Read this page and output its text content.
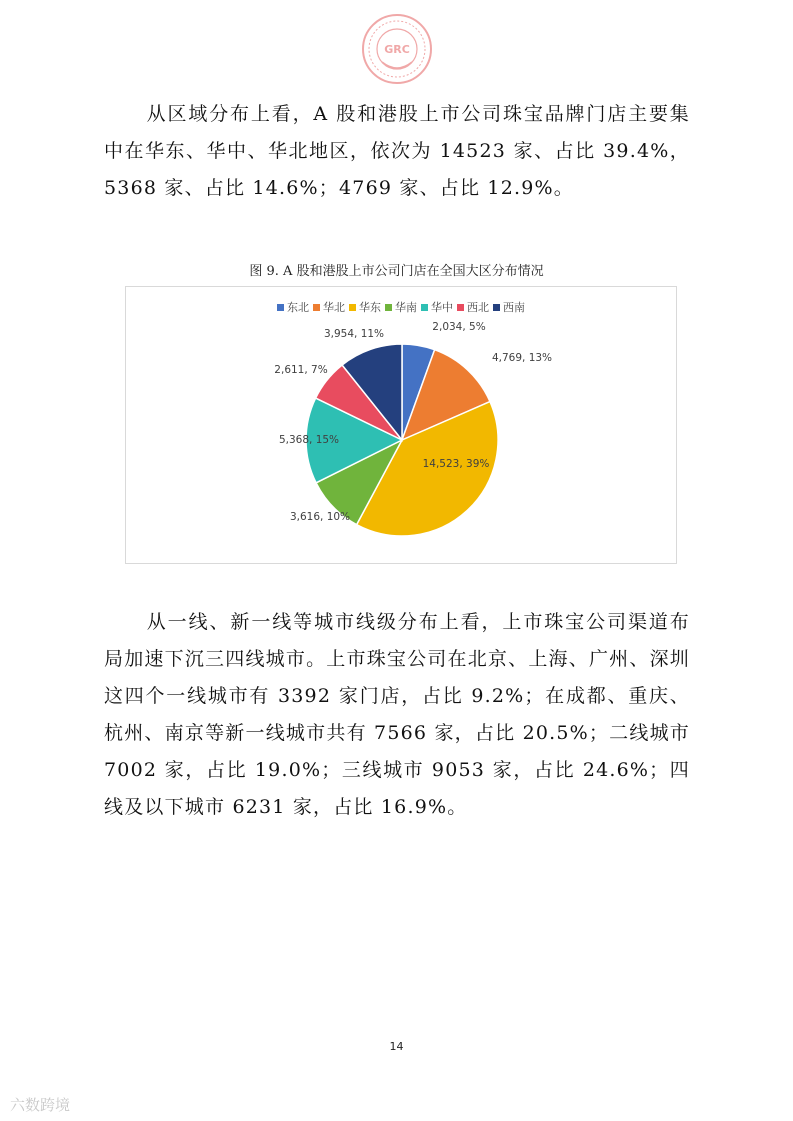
GRC

从区域分布上看，A 股和港股上市公司珠宝品牌门店主要集中在华东、华中、华北地区，依次为 14523 家、占比 39.4%，5368 家、占比 14.6%；4769 家、占比 12.9%。

图 9. A 股和港股上市公司门店在全国大区分布情况
东北 华北 华东 华南 华中 西北 西南
2,034, 5%
4,769, 13%
14,523, 39%
3,616, 10%
5,368, 15%
2,611, 7%
3,954, 11%

从一线、新一线等城市线级分布上看，上市珠宝公司渠道布局加速下沉三四线城市。上市珠宝公司在北京、上海、广州、深圳这四个一线城市有 3392 家门店，占比 9.2%；在成都、重庆、杭州、南京等新一线城市共有 7566 家，占比 20.5%；二线城市 7002 家，占比 19.0%；三线城市 9053 家，占比 24.6%；四线及以下城市 6231 家，占比 16.9%。

14
六数跨境
